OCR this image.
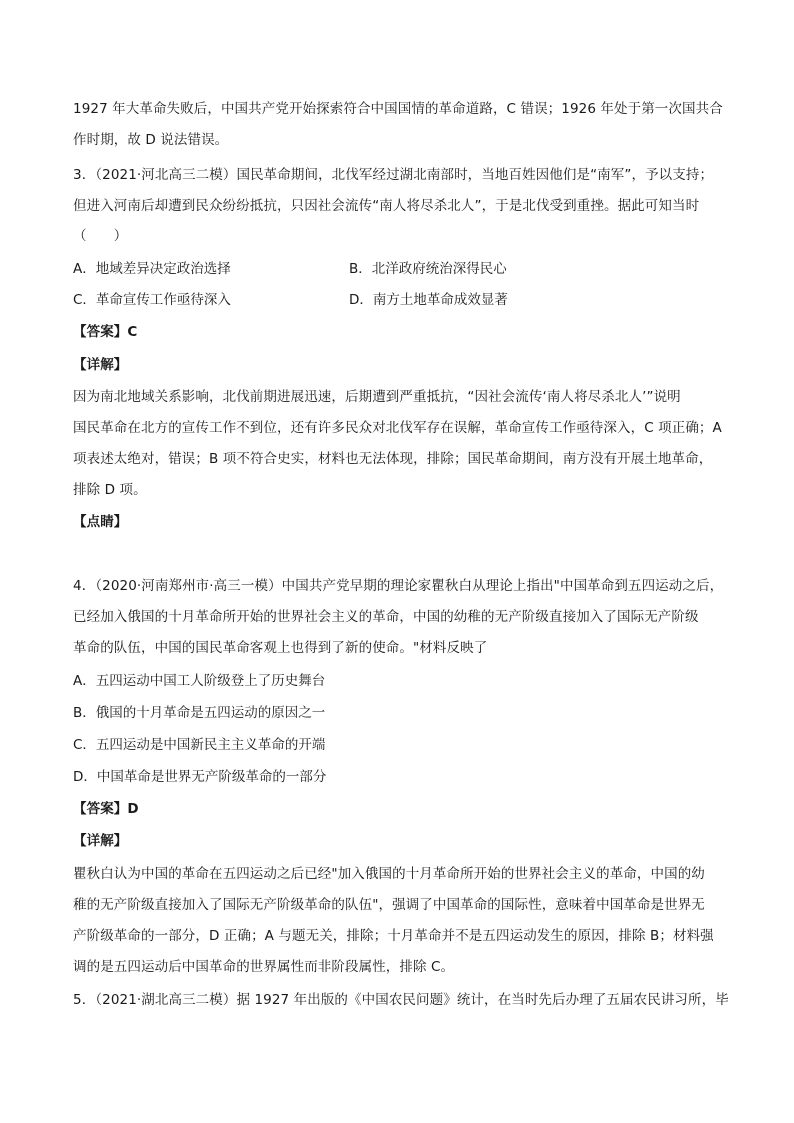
1927 年大革命失败后，中国共产党开始探索符合中国国情的革命道路，C 错误；1926 年处于第一次国共合
作时期，故 D 说法错误。
3．（2021·河北高三二模）国民革命期间，北伐军经过湖北南部时，当地百姓因他们是“南军”，予以支持；
但进入河南后却遭到民众纷纷抵抗，只因社会流传“南人将尽杀北人”，于是北伐受到重挫。据此可知当时
（　　）
A．地域差异决定政治选择	B．北洋政府统治深得民心
C．革命宣传工作亟待深入	D．南方土地革命成效显著
【答案】C
【详解】
因为南北地域关系影响，北伐前期进展迅速，后期遭到严重抵抗，“因社会流传‘南人将尽杀北人’”说明
国民革命在北方的宣传工作不到位，还有许多民众对北伐军存在误解，革命宣传工作亟待深入，C 项正确；A
项表述太绝对，错误；B 项不符合史实，材料也无法体现，排除；国民革命期间，南方没有开展土地革命，
排除 D 项。
【点睛】
4．（2020·河南郑州市·高三一模）中国共产党早期的理论家瞿秋白从理论上指出"中国革命到五四运动之后，
已经加入俄国的十月革命所开始的世界社会主义的革命，中国的幼稚的无产阶级直接加入了国际无产阶级
革命的队伍，中国的国民革命客观上也得到了新的使命。"材料反映了
A．五四运动中国工人阶级登上了历史舞台
B．俄国的十月革命是五四运动的原因之一
C．五四运动是中国新民主主义革命的开端
D．中国革命是世界无产阶级革命的一部分
【答案】D
【详解】
瞿秋白认为中国的革命在五四运动之后已经"加入俄国的十月革命所开始的世界社会主义的革命，中国的幼
稚的无产阶级直接加入了国际无产阶级革命的队伍"，强调了中国革命的国际性，意味着中国革命是世界无
产阶级革命的一部分，D 正确；A 与题无关，排除；十月革命并不是五四运动发生的原因，排除 B；材料强
调的是五四运动后中国革命的世界属性而非阶段属性，排除 C。
5．（2021·湖北高三二模）据 1927 年出版的《中国农民问题》统计，在当时先后办理了五届农民讲习所，毕
